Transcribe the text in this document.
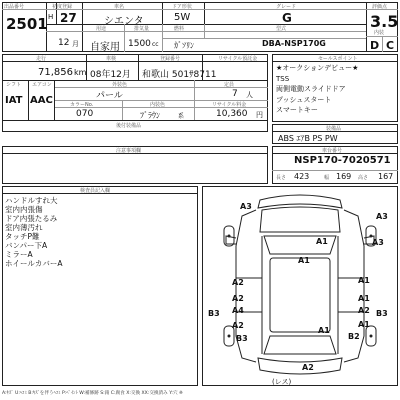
出品番号
2501
初度登録
H 27
車名
シエンタ
ドア形状
5W
グレード
G
評価点
3.5
12 月
用途
自家用
排気量
1500 cc
燃料
ｶﾞｿﾘﾝ
型式
DBA-NSP170G
内装
D C
走行
71,856 km
車検
08年12月
登録番号
和歌山 501ｻ8711
リサイクル預託金
シフト
IAT
エアコン
AAC
外装色
パール
定員
7 人
カラーNo.
070
内装色
ﾌﾞﾗｳﾝ	系
リサイクル料金
10,360 円
後付装備品
セールスポイント
★オークションデビュー★
TSS
両側電動スライドドア
プッシュスタート
スマートキー
装備品
ABS ｴｱB PS PW
注意事項欄	車台番号
NSP170-7020571
長さ 423	幅 169 高さ 167
検査員記入欄
ハンドルすれ大
室内内張傷
ドア内張たるみ
室内薄汚れ
タッチP難
バンパー下A
ミラーA
ホイールカバーA
A3
A1
A1
A2	A1
A2	A1
A4	A2
A2
B3
B3
A1
B2
B3
A2
A1
A3
A3
(レス)
A:ｷｽﾞ U:ﾍｺﾐ B:ｷｽﾞを伴うﾍｺﾐ P:ﾍﾟｲﾝﾄ W:補修跡 S:錆 C:腐食 X:交換 XX:交換済み Y:穴 ※
